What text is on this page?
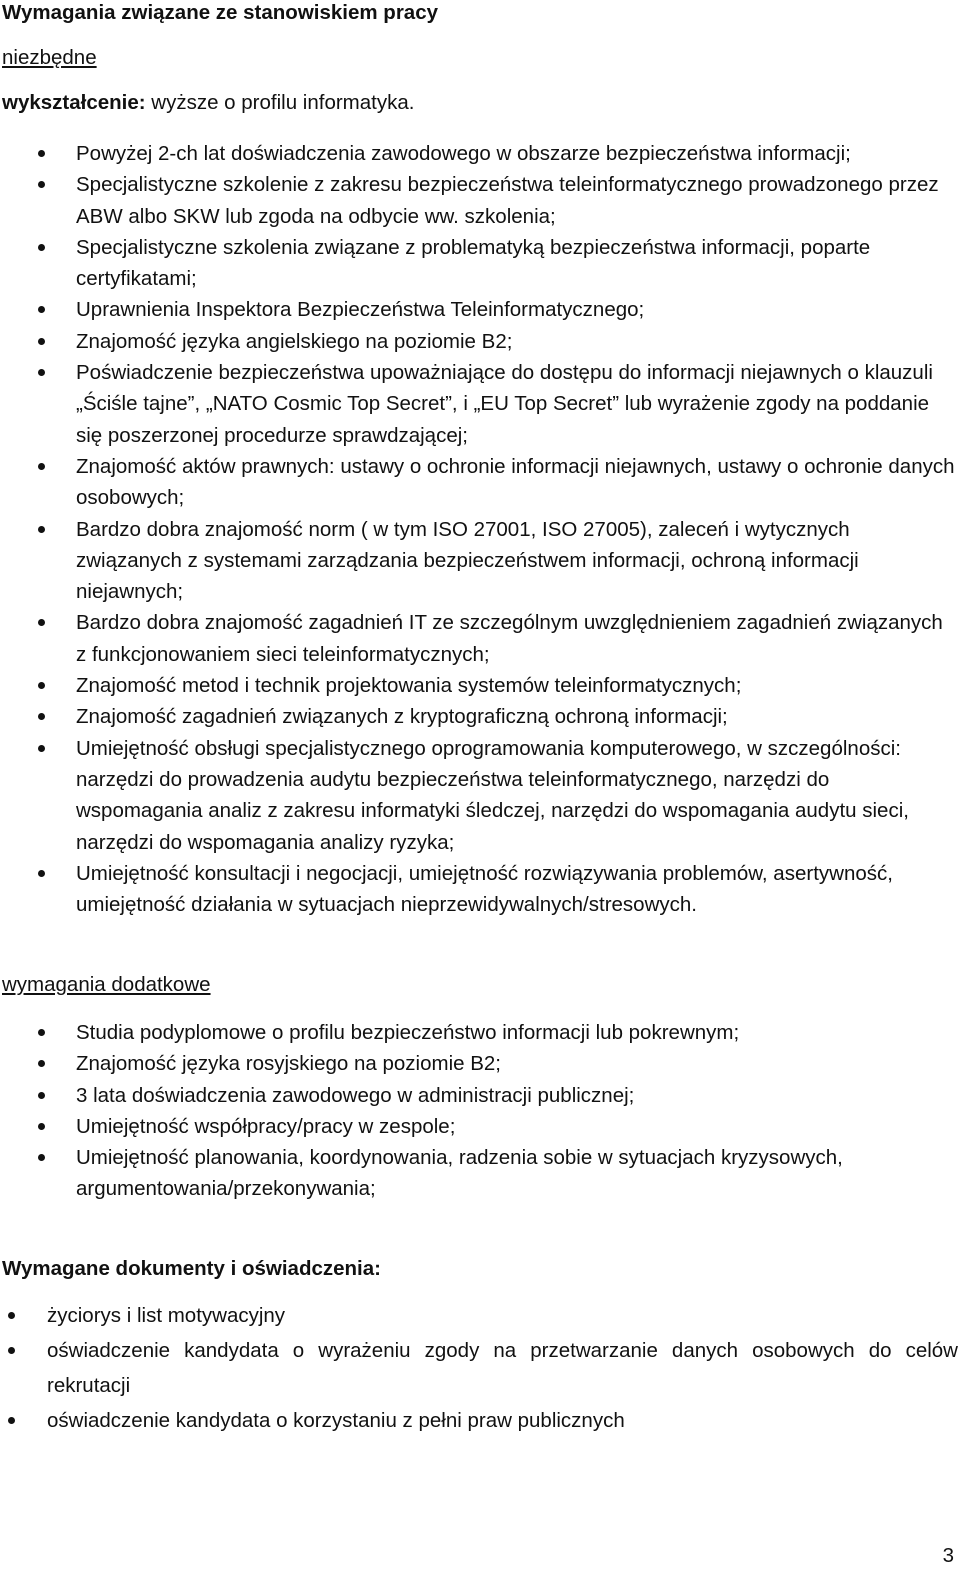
Wymagania związane ze stanowiskiem pracy
niezbędne
wykształcenie: wyższe o profilu informatyka.
Powyżej 2-ch lat doświadczenia zawodowego w obszarze bezpieczeństwa informacji;
Specjalistyczne szkolenie z zakresu bezpieczeństwa teleinformatycznego prowadzonego przez ABW albo SKW lub zgoda na odbycie ww. szkolenia;
Specjalistyczne szkolenia związane z problematyką bezpieczeństwa informacji, poparte certyfikatami;
Uprawnienia Inspektora Bezpieczeństwa Teleinformatycznego;
Znajomość języka angielskiego na poziomie B2;
Poświadczenie bezpieczeństwa upoważniające do dostępu do informacji niejawnych o klauzuli „Ściśle tajne”, „NATO Cosmic Top Secret”, i „EU Top Secret” lub wyrażenie zgody na poddanie się poszerzonej procedurze sprawdzającej;
Znajomość aktów prawnych: ustawy o ochronie informacji niejawnych, ustawy o ochronie danych osobowych;
Bardzo dobra znajomość norm ( w tym ISO 27001, ISO 27005), zaleceń i wytycznych związanych z systemami zarządzania bezpieczeństwem informacji, ochroną informacji niejawnych;
Bardzo dobra znajomość zagadnień IT ze szczególnym uwzględnieniem zagadnień związanych z funkcjonowaniem sieci teleinformatycznych;
Znajomość metod i technik projektowania systemów teleinformatycznych;
Znajomość zagadnień związanych z kryptograficzną ochroną informacji;
Umiejętność obsługi specjalistycznego oprogramowania komputerowego, w szczególności: narzędzi do prowadzenia audytu bezpieczeństwa teleinformatycznego, narzędzi do wspomagania analiz z zakresu informatyki śledczej, narzędzi do wspomagania audytu sieci, narzędzi do wspomagania analizy ryzyka;
Umiejętność konsultacji i negocjacji, umiejętność rozwiązywania problemów, asertywność, umiejętność działania w sytuacjach nieprzewidywalnych/stresowych.
wymagania dodatkowe
Studia podyplomowe o profilu bezpieczeństwo informacji lub pokrewnym;
Znajomość języka rosyjskiego na poziomie B2;
3 lata doświadczenia zawodowego w administracji publicznej;
Umiejętność współpracy/pracy w zespole;
Umiejętność planowania, koordynowania, radzenia sobie w sytuacjach kryzysowych, argumentowania/przekonywania;
Wymagane dokumenty i oświadczenia:
życiorys i list motywacyjny
oświadczenie kandydata o wyrażeniu zgody na przetwarzanie danych osobowych do celów rekrutacji
oświadczenie kandydata o korzystaniu z pełni praw publicznych
3
